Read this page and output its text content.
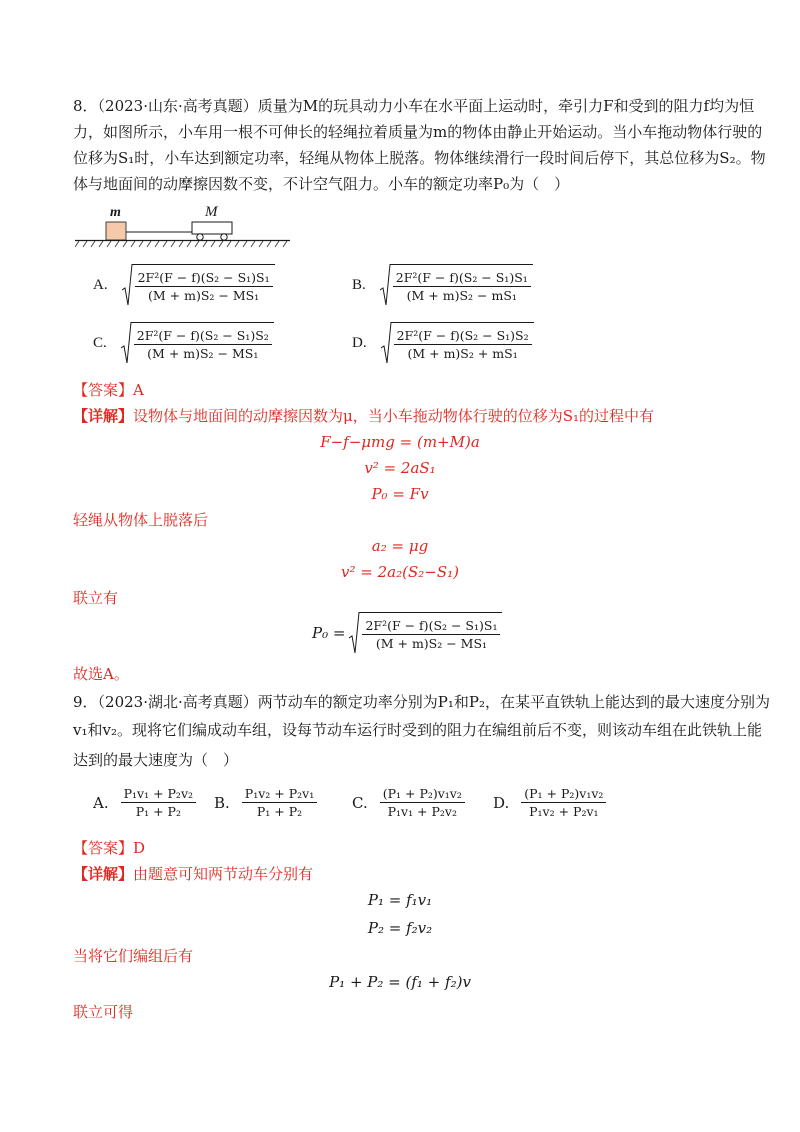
8．（2023·山东·高考真题）质量为M的玩具动力小车在水平面上运动时，牵引力F和受到的阻力f均为恒
力，如图所示，小车用一根不可伸长的轻绳拉着质量为m的物体由静止开始运动。当小车拖动物体行驶的
位移为S₁时，小车达到额定功率，轻绳从物体上脱落。物体继续滑行一段时间后停下，其总位移为S₂。物
体与地面间的动摩擦因数不变，不计空气阻力。小车的额定功率P₀为（　）
m	M
A. $\frac{\text{2F²(F − f)(S₂ − S₁)S₁}}{\text{(M + m)S₂ − MS₁}}$	B. $\frac{\text{2F²(F − f)(S₂ − S₁)S₁}}{\text{(M + m)S₂ − mS₁}}$
C. $\frac{\text{2F²(F − f)(S₂ − S₁)S₂}}{\text{(M + m)S₂ − MS₁}}$	D. $\frac{\text{2F²(F − f)(S₂ − S₁)S₂}}{\text{(M + m)S₂ + mS₁}}$
【答案】A
【详解】设物体与地面间的动摩擦因数为μ，当小车拖动物体行驶的位移为S₁的过程中有
F−f−μmg = (m+M)a
v² = 2aS₁
P₀ = Fv
轻绳从物体上脱落后
a₂ = μg
v² = 2a₂(S₂−S₁)
联立有
$P_0 = \frac{\text{2F²(F − f)(S₂ − S₁)S₁}}{\text{(M + m)S₂ − MS₁}}$
故选A。
9．（2023·湖北·高考真题）两节动车的额定功率分别为P₁和P₂，在某平直铁轨上能达到的最大速度分别为
v₁和v₂。现将它们编成动车组，设每节动车运行时受到的阻力在编组前后不变，则该动车组在此铁轨上能
达到的最大速度为（　）
A. $\frac{\text{P₁v₁ + P₂v₂}}{\text{P₁ + P₂}} B$. $\frac{\text{P₁v₂ + P₂v₁}}{\text{P₁ + P₂}} C$. $\frac{\text{(P₁ + P₂)v₁v₂}}{\text{P₁v₁ + P₂v₂}} D$. $\frac{\text{(P₁ + P₂)v₁v₂}}{\text{P₁v₂ + P₂v₁}}$
【答案】D
【详解】由题意可知两节动车分别有
P₁ = f₁v₁
P₂ = f₂v₂
当将它们编组后有
P₁ + P₂ = (f₁ + f₂)v
联立可得
